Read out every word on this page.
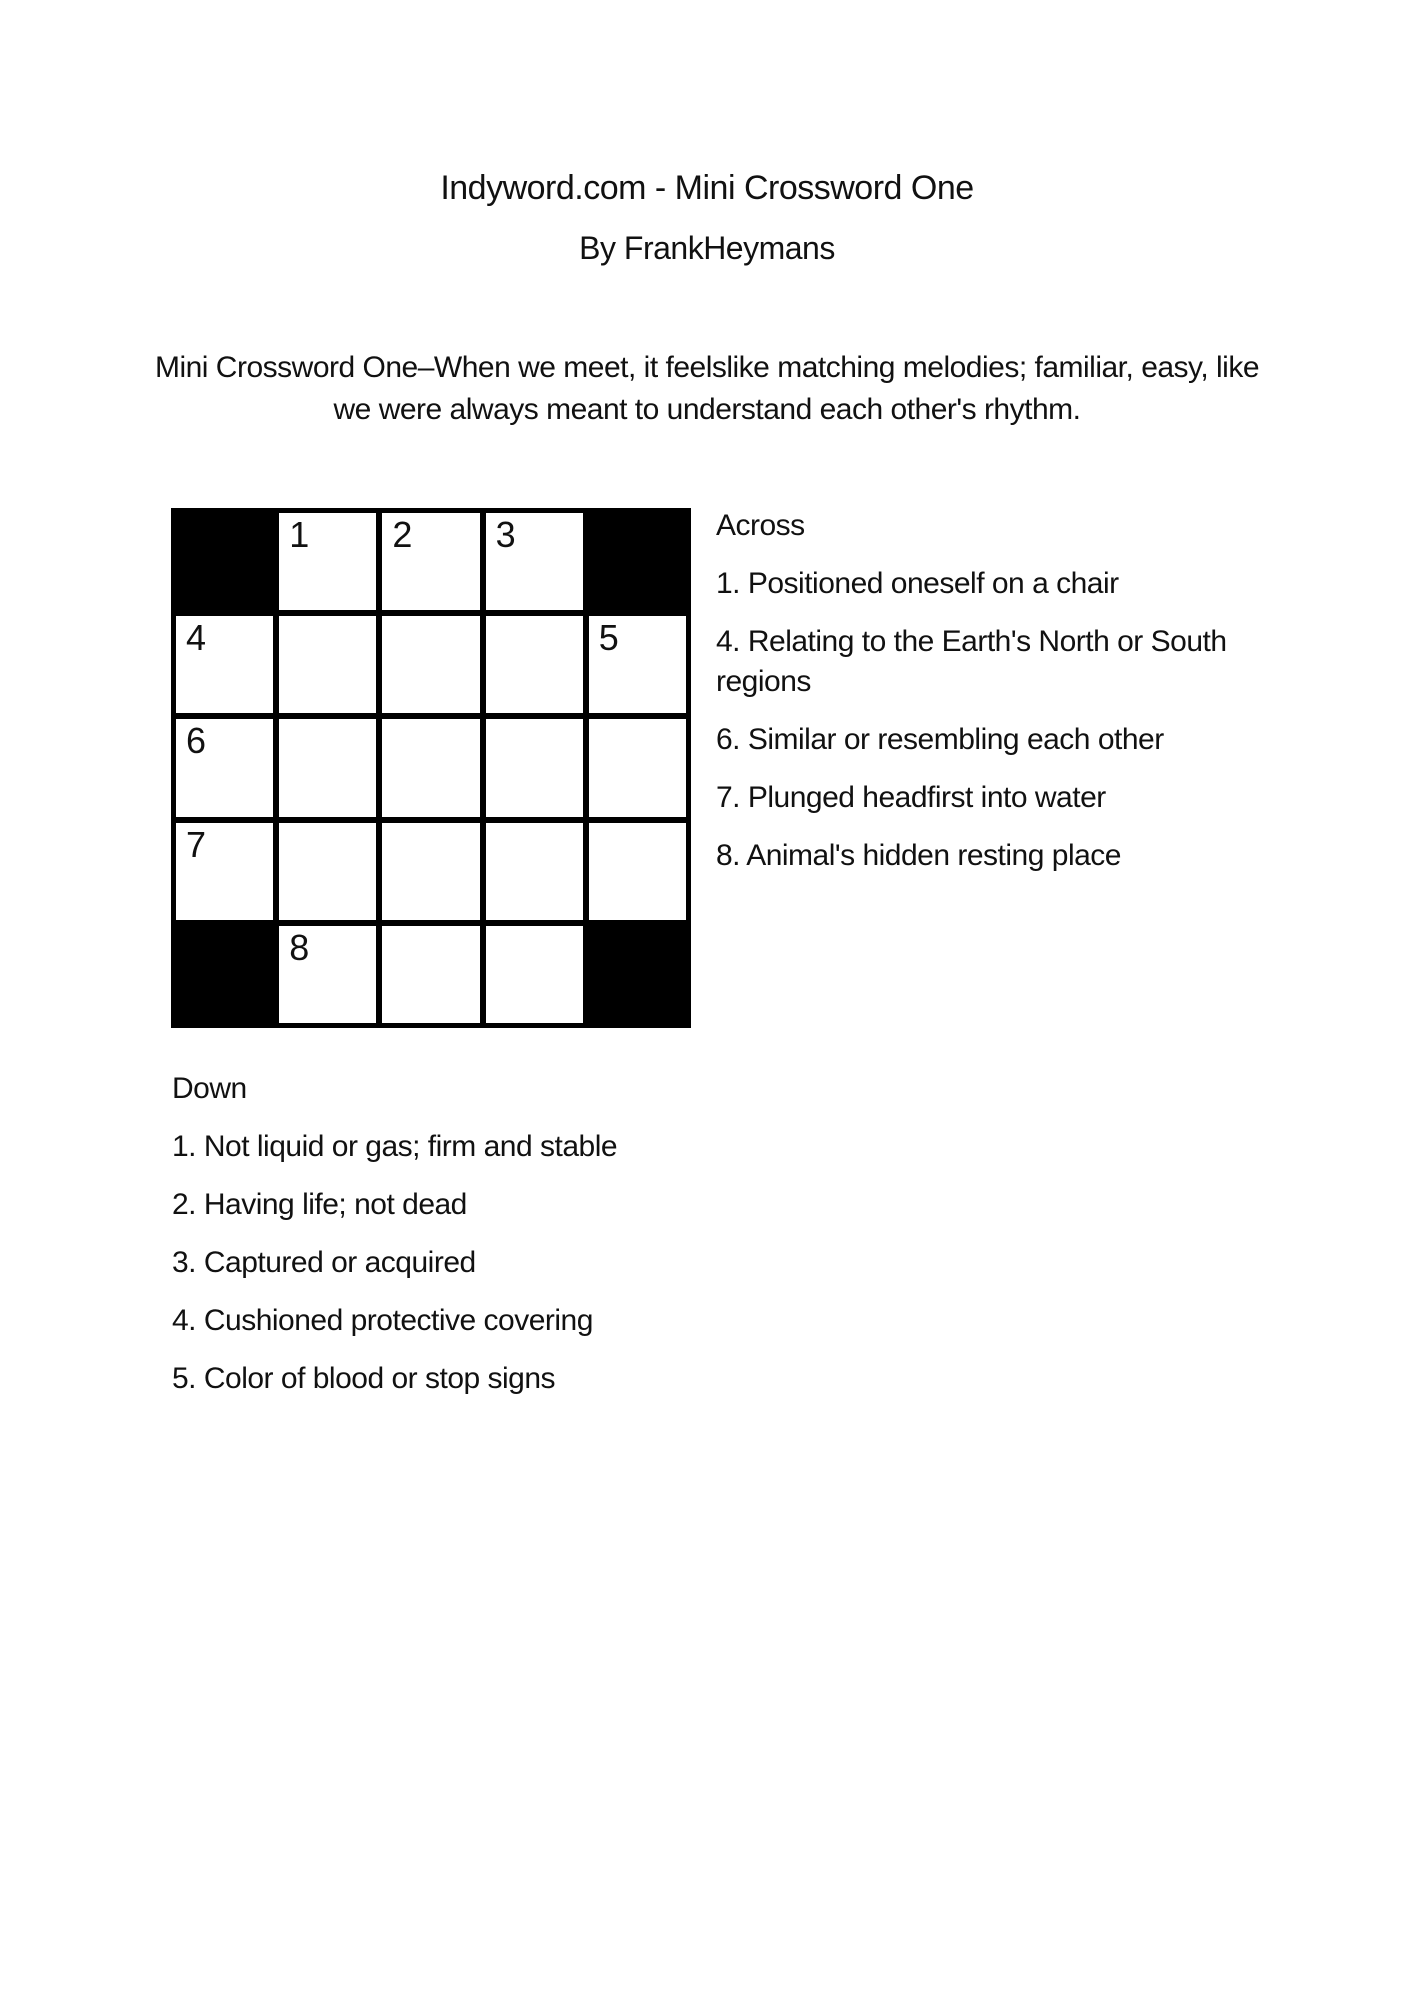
Indyword.com - Mini Crossword One
By FrankHeymans
Mini Crossword One–When we meet, it feelslike matching melodies; familiar, easy, like
we were always meant to understand each other's rhythm.
1 2 3
4	5
6
7
8
Across
1. Positioned oneself on a chair
4. Relating to the Earth's North or South regions
6. Similar or resembling each other
7. Plunged headfirst into water
8. Animal's hidden resting place
Down
1. Not liquid or gas; firm and stable
2. Having life; not dead
3. Captured or acquired
4. Cushioned protective covering
5. Color of blood or stop signs
